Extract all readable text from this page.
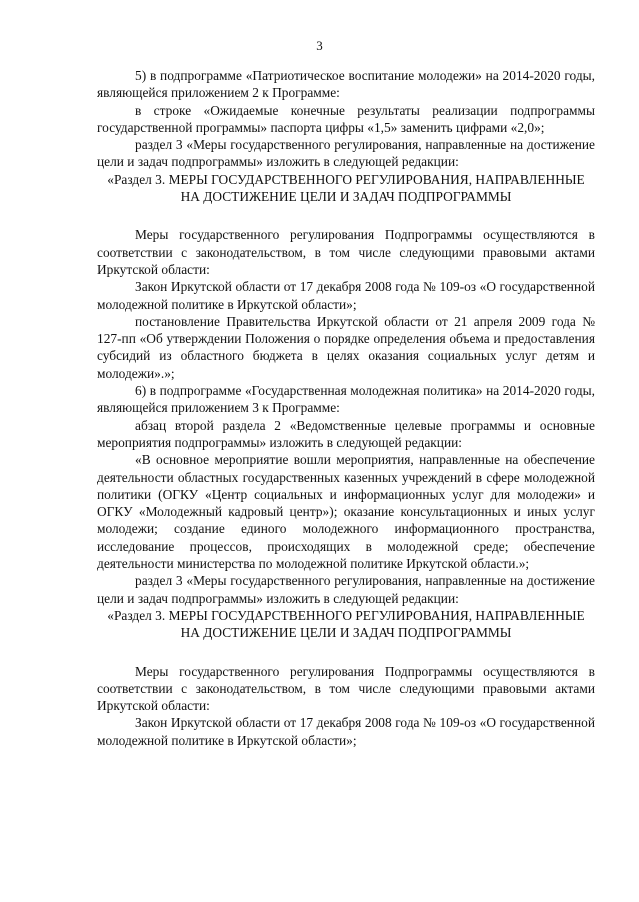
3
5) в подпрограмме «Патриотическое воспитание молодежи» на 2014-2020 годы, являющейся приложением 2 к Программе:
в строке «Ожидаемые конечные результаты реализации подпрограммы государственной программы» паспорта цифры «1,5» заменить цифрами «2,0»;
раздел 3 «Меры государственного регулирования, направленные на достижение цели и задач подпрограммы» изложить в следующей редакции:
«Раздел 3. МЕРЫ ГОСУДАРСТВЕННОГО РЕГУЛИРОВАНИЯ, НАПРАВЛЕННЫЕ НА ДОСТИЖЕНИЕ ЦЕЛИ И ЗАДАЧ ПОДПРОГРАММЫ
Меры государственного регулирования Подпрограммы осуществляются в соответствии с законодательством, в том числе следующими правовыми актами Иркутской области:
Закон Иркутской области от 17 декабря 2008 года № 109-оз «О государственной молодежной политике в Иркутской области»;
постановление Правительства Иркутской области от 21 апреля 2009 года № 127-пп «Об утверждении Положения о порядке определения объема и предоставления субсидий из областного бюджета в целях оказания социальных услуг детям и молодежи».»;
6) в подпрограмме «Государственная молодежная политика» на 2014-2020 годы, являющейся приложением 3 к Программе:
абзац второй раздела 2 «Ведомственные целевые программы и основные мероприятия подпрограммы» изложить в следующей редакции:
«В основное мероприятие вошли мероприятия, направленные на обеспечение деятельности областных государственных казенных учреждений в сфере молодежной политики (ОГКУ «Центр социальных и информационных услуг для молодежи» и ОГКУ «Молодежный кадровый центр»); оказание консультационных и иных услуг молодежи; создание единого молодежного информационного пространства, исследование процессов, происходящих в молодежной среде; обеспечение деятельности министерства по молодежной политике Иркутской области.»;
раздел 3 «Меры государственного регулирования, направленные на достижение цели и задач подпрограммы» изложить в следующей редакции:
«Раздел 3. МЕРЫ ГОСУДАРСТВЕННОГО РЕГУЛИРОВАНИЯ, НАПРАВЛЕННЫЕ НА ДОСТИЖЕНИЕ ЦЕЛИ И ЗАДАЧ ПОДПРОГРАММЫ
Меры государственного регулирования Подпрограммы осуществляются в соответствии с законодательством, в том числе следующими правовыми актами Иркутской области:
Закон Иркутской области от 17 декабря 2008 года № 109-оз «О государственной молодежной политике в Иркутской области»;
